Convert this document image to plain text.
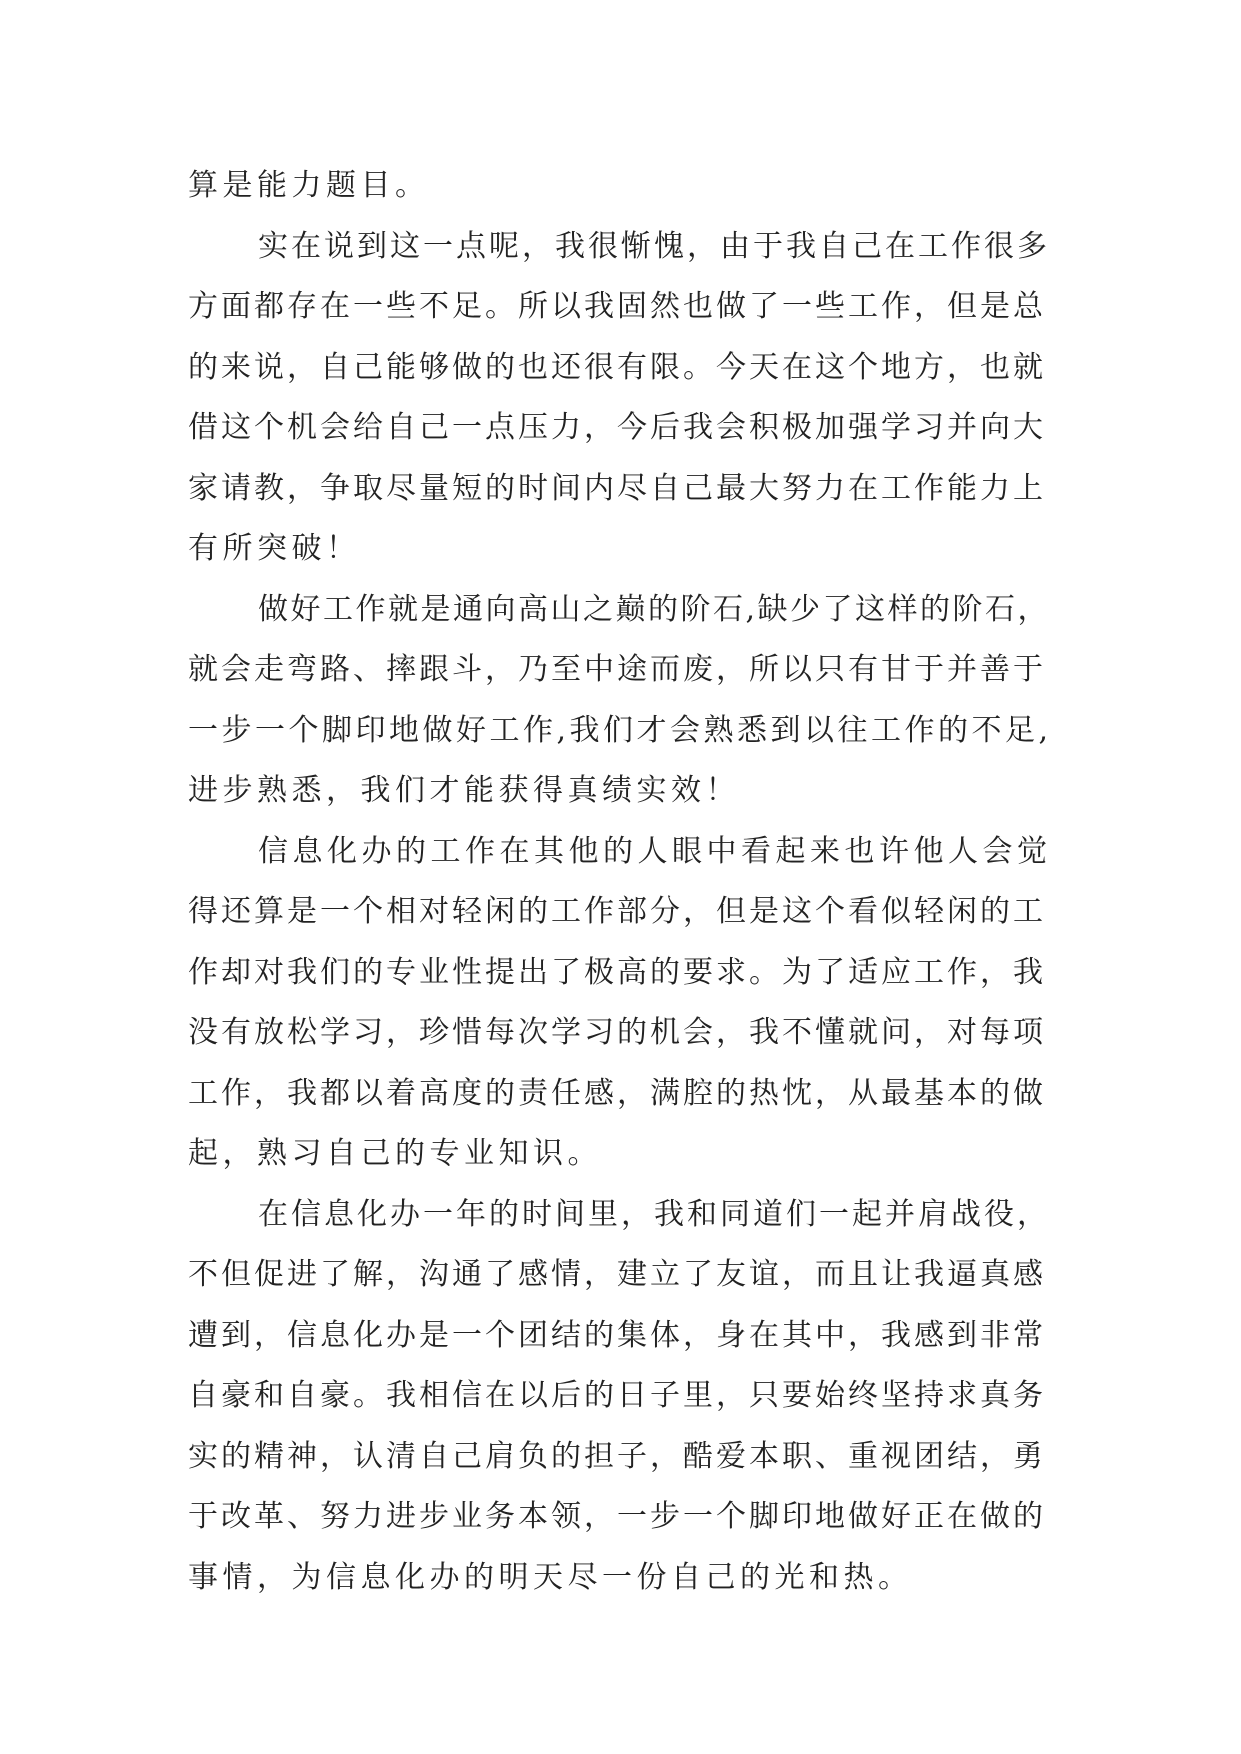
算是能力题目。
实在说到这一点呢，我很惭愧，由于我自己在工作很多
方面都存在一些不足。所以我固然也做了一些工作，但是总
的来说，自己能够做的也还很有限。今天在这个地方，也就
借这个机会给自己一点压力，今后我会积极加强学习并向大
家请教，争取尽量短的时间内尽自己最大努力在工作能力上
有所突破！
做好工作就是通向高山之巅的阶石,缺少了这样的阶石，
就会走弯路、摔跟斗，乃至中途而废，所以只有甘于并善于
一步一个脚印地做好工作,我们才会熟悉到以往工作的不足,
进步熟悉，我们才能获得真绩实效！
信息化办的工作在其他的人眼中看起来也许他人会觉
得还算是一个相对轻闲的工作部分，但是这个看似轻闲的工
作却对我们的专业性提出了极高的要求。为了适应工作，我
没有放松学习，珍惜每次学习的机会，我不懂就问，对每项
工作，我都以着高度的责任感，满腔的热忱，从最基本的做
起，熟习自己的专业知识。
在信息化办一年的时间里，我和同道们一起并肩战役，
不但促进了解，沟通了感情，建立了友谊，而且让我逼真感
遭到，信息化办是一个团结的集体，身在其中，我感到非常
自豪和自豪。我相信在以后的日子里，只要始终坚持求真务
实的精神，认清自己肩负的担子，酷爱本职、重视团结，勇
于改革、努力进步业务本领，一步一个脚印地做好正在做的
事情，为信息化办的明天尽一份自己的光和热。
